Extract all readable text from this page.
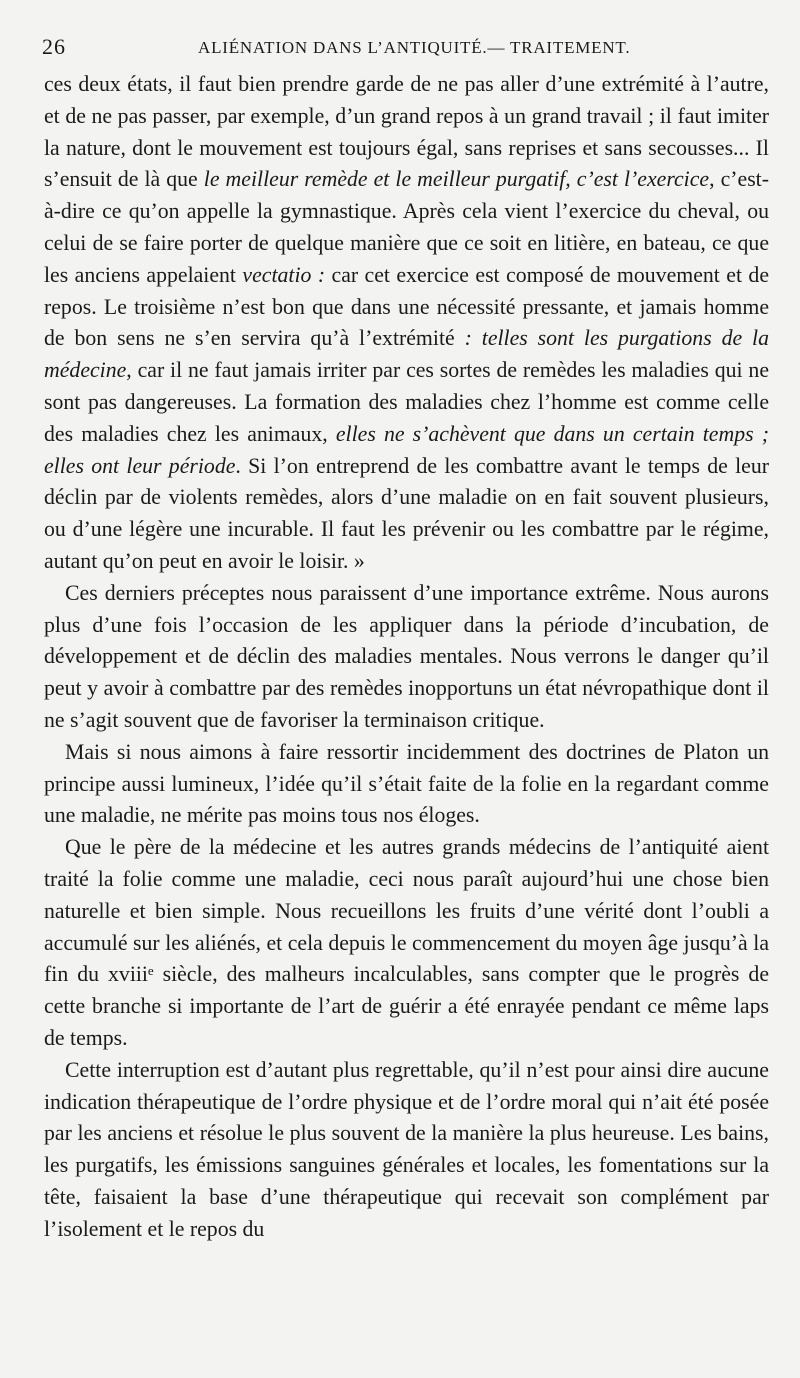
26	ALIÉNATION DANS L’ANTIQUITÉ.— TRAITEMENT.

ces deux états, il faut bien prendre garde de ne pas aller d’une extrémité à l’autre, et de ne pas passer, par exemple, d’un grand repos à un grand travail ; il faut imiter la nature, dont le mouvement est toujours égal, sans reprises et sans secousses... Il s’ensuit de là que le meilleur remède et le meilleur purgatif, c’est l’exercice, c’est-à-dire ce qu’on appelle la gymnastique. Après cela vient l’exercice du cheval, ou celui de se faire porter de quelque manière que ce soit en litière, en bateau, ce que les anciens appelaient vectatio : car cet exercice est composé de mouvement et de repos. Le troisième n’est bon que dans une nécessité pressante, et jamais homme de bon sens ne s’en servira qu’à l’extrémité : telles sont les purgations de la médecine, car il ne faut jamais irriter par ces sortes de remèdes les maladies qui ne sont pas dangereuses. La formation des maladies chez l’homme est comme celle des maladies chez les animaux, elles ne s’achèvent que dans un certain temps ; elles ont leur période. Si l’on entreprend de les combattre avant le temps de leur déclin par de violents remèdes, alors d’une maladie on en fait souvent plusieurs, ou d’une légère une incurable. Il faut les prévenir ou les combattre par le régime, autant qu’on peut en avoir le loisir. »

Ces derniers préceptes nous paraissent d’une importance extrême. Nous aurons plus d’une fois l’occasion de les appliquer dans la période d’incubation, de développement et de déclin des maladies mentales. Nous verrons le danger qu’il peut y avoir à combattre par des remèdes inopportuns un état névropathique dont il ne s’agit souvent que de favoriser la terminaison critique.

Mais si nous aimons à faire ressortir incidemment des doctrines de Platon un principe aussi lumineux, l’idée qu’il s’était faite de la folie en la regardant comme une maladie, ne mérite pas moins tous nos éloges.

Que le père de la médecine et les autres grands médecins de l’antiquité aient traité la folie comme une maladie, ceci nous paraît aujourd’hui une chose bien naturelle et bien simple. Nous recueillons les fruits d’une vérité dont l’oubli a accumulé sur les aliénés, et cela depuis le commencement du moyen âge jusqu’à la fin du xviiiᵉ siècle, des malheurs incalculables, sans compter que le progrès de cette branche si importante de l’art de guérir a été enrayée pendant ce même laps de temps.

Cette interruption est d’autant plus regrettable, qu’il n’est pour ainsi dire aucune indication thérapeutique de l’ordre physique et de l’ordre moral qui n’ait été posée par les anciens et résolue le plus souvent de la manière la plus heureuse. Les bains, les purgatifs, les émissions sanguines générales et locales, les fomentations sur la tête, faisaient la base d’une thérapeutique qui recevait son complément par l’isolement et le repos du
